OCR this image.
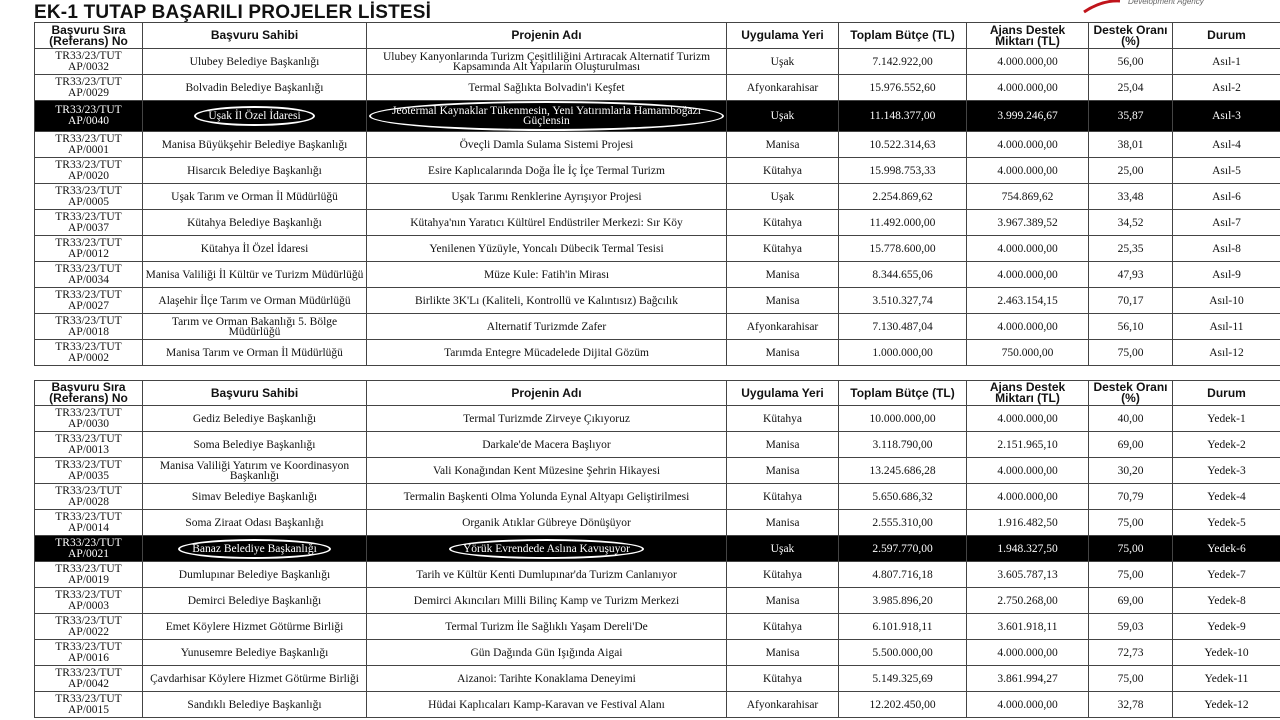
EK-1 TUTAP BAŞARILI PROJELER LİSTESİ
Development Agency
Başvuru Sıra (Referans) No	Başvuru Sahibi	Projenin Adı	Uygulama Yeri	Toplam Bütçe (TL)	Ajans Destek Miktarı (TL)	Destek Oranı (%)	Durum
TR33/23/TUT AP/0032	Ulubey Belediye Başkanlığı	Ulubey Kanyonlarında Turizm Çeşitliliğini Artıracak Alternatif Turizm Kapsamında Alt Yapıların Oluşturulması	Uşak	7.142.922,00	4.000.000,00	56,00	Asıl-1
TR33/23/TUT AP/0029	Bolvadin Belediye Başkanlığı	Termal Sağlıkta Bolvadin'i Keşfet	Afyonkarahisar	15.976.552,60	4.000.000,00	25,04	Asıl-2
TR33/23/TUT AP/0040	Uşak İl Özel İdaresi	Jeotermal Kaynaklar Tükenmesin, Yeni Yatırımlarla Hamamboğazı Güçlensin	Uşak	11.148.377,00	3.999.246,67	35,87	Asıl-3
TR33/23/TUT AP/0001	Manisa Büyükşehir Belediye Başkanlığı	Öveçli Damla Sulama Sistemi Projesi	Manisa	10.522.314,63	4.000.000,00	38,01	Asıl-4
TR33/23/TUT AP/0020	Hisarcık Belediye Başkanlığı	Esire Kaplıcalarında Doğa İle İç İçe Termal Turizm	Kütahya	15.998.753,33	4.000.000,00	25,00	Asıl-5
TR33/23/TUT AP/0005	Uşak Tarım ve Orman İl Müdürlüğü	Uşak Tarımı Renklerine Ayrışıyor Projesi	Uşak	2.254.869,62	754.869,62	33,48	Asıl-6
TR33/23/TUT AP/0037	Kütahya Belediye Başkanlığı	Kütahya'nın Yaratıcı Kültürel Endüstriler Merkezi: Sır Köy	Kütahya	11.492.000,00	3.967.389,52	34,52	Asıl-7
TR33/23/TUT AP/0012	Kütahya İl Özel İdaresi	Yenilenen Yüzüyle, Yoncalı Dübecik Termal Tesisi	Kütahya	15.778.600,00	4.000.000,00	25,35	Asıl-8
TR33/23/TUT AP/0034	Manisa Valiliği İl Kültür ve Turizm Müdürlüğü	Müze Kule: Fatih'in Mirası	Manisa	8.344.655,06	4.000.000,00	47,93	Asıl-9
TR33/23/TUT AP/0027	Alaşehir İlçe Tarım ve Orman Müdürlüğü	Birlikte 3K'Lı (Kaliteli, Kontrollü ve Kalıntısız) Bağcılık	Manisa	3.510.327,74	2.463.154,15	70,17	Asıl-10
TR33/23/TUT AP/0018	Tarım ve Orman Bakanlığı 5. Bölge Müdürlüğü	Alternatif Turizmde Zafer	Afyonkarahisar	7.130.487,04	4.000.000,00	56,10	Asıl-11
TR33/23/TUT AP/0002	Manisa Tarım ve Orman İl Müdürlüğü	Tarımda Entegre Mücadelede Dijital Gözüm	Manisa	1.000.000,00	750.000,00	75,00	Asıl-12
Başvuru Sıra (Referans) No	Başvuru Sahibi	Projenin Adı	Uygulama Yeri	Toplam Bütçe (TL)	Ajans Destek Miktarı (TL)	Destek Oranı (%)	Durum
TR33/23/TUT AP/0030	Gediz Belediye Başkanlığı	Termal Turizmde Zirveye Çıkıyoruz	Kütahya	10.000.000,00	4.000.000,00	40,00	Yedek-1
TR33/23/TUT AP/0013	Soma Belediye Başkanlığı	Darkale'de Macera Başlıyor	Manisa	3.118.790,00	2.151.965,10	69,00	Yedek-2
TR33/23/TUT AP/0035	Manisa Valiliği Yatırım ve Koordinasyon Başkanlığı	Vali Konağından Kent Müzesine Şehrin Hikayesi	Manisa	13.245.686,28	4.000.000,00	30,20	Yedek-3
TR33/23/TUT AP/0028	Simav Belediye Başkanlığı	Termalin Başkenti Olma Yolunda Eynal Altyapı Geliştirilmesi	Kütahya	5.650.686,32	4.000.000,00	70,79	Yedek-4
TR33/23/TUT AP/0014	Soma Ziraat Odası Başkanlığı	Organik Atıklar Gübreye Dönüşüyor	Manisa	2.555.310,00	1.916.482,50	75,00	Yedek-5
TR33/23/TUT AP/0021	Banaz Belediye Başkanlığı	Yörük Evrendede Aslına Kavuşuyor	Uşak	2.597.770,00	1.948.327,50	75,00	Yedek-6
TR33/23/TUT AP/0019	Dumlupınar Belediye Başkanlığı	Tarih ve Kültür Kenti Dumlupınar'da Turizm Canlanıyor	Kütahya	4.807.716,18	3.605.787,13	75,00	Yedek-7
TR33/23/TUT AP/0003	Demirci Belediye Başkanlığı	Demirci Akıncıları Milli Bilinç Kamp ve Turizm Merkezi	Manisa	3.985.896,20	2.750.268,00	69,00	Yedek-8
TR33/23/TUT AP/0022	Emet Köylere Hizmet Götürme Birliği	Termal Turizm İle Sağlıklı Yaşam Dereli'De	Kütahya	6.101.918,11	3.601.918,11	59,03	Yedek-9
TR33/23/TUT AP/0016	Yunusemre Belediye Başkanlığı	Gün Dağında Gün Işığında Aigai	Manisa	5.500.000,00	4.000.000,00	72,73	Yedek-10
TR33/23/TUT AP/0042	Çavdarhisar Köylere Hizmet Götürme Birliği	Aizanoi: Tarihte Konaklama Deneyimi	Kütahya	5.149.325,69	3.861.994,27	75,00	Yedek-11
TR33/23/TUT AP/0015	Sandıklı Belediye Başkanlığı	Hüdai Kaplıcaları Kamp-Karavan ve Festival Alanı	Afyonkarahisar	12.202.450,00	4.000.000,00	32,78	Yedek-12
